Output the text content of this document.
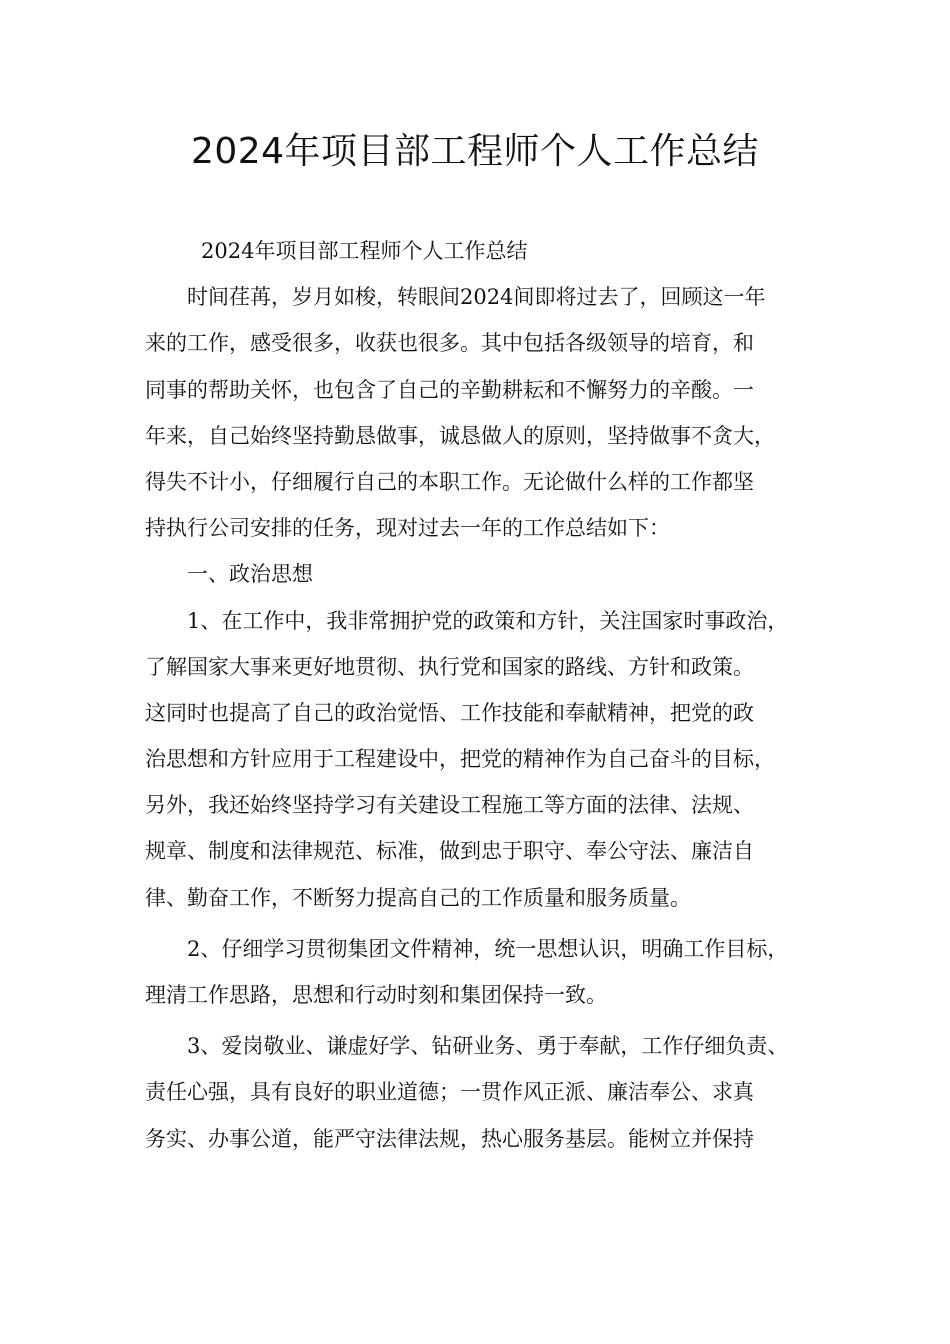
2024年项目部工程师个人工作总结
2024年项目部工程师个人工作总结
时间荏苒，岁月如梭，转眼间2024间即将过去了，回顾这一年
来的工作，感受很多，收获也很多。其中包括各级领导的培育，和
同事的帮助关怀，也包含了自己的辛勤耕耘和不懈努力的辛酸。一
年来，自己始终坚持勤恳做事，诚恳做人的原则，坚持做事不贪大，
得失不计小，仔细履行自己的本职工作。无论做什么样的工作都坚
持执行公司安排的任务，现对过去一年的工作总结如下：
一、政治思想
1、在工作中，我非常拥护党的政策和方针，关注国家时事政治，
了解国家大事来更好地贯彻、执行党和国家的路线、方针和政策。
这同时也提高了自己的政治觉悟、工作技能和奉献精神，把党的政
治思想和方针应用于工程建设中，把党的精神作为自己奋斗的目标，
另外，我还始终坚持学习有关建设工程施工等方面的法律、法规、
规章、制度和法律规范、标准，做到忠于职守、奉公守法、廉洁自
律、勤奋工作，不断努力提高自己的工作质量和服务质量。
2、仔细学习贯彻集团文件精神，统一思想认识，明确工作目标，
理清工作思路，思想和行动时刻和集团保持一致。
3、爱岗敬业、谦虚好学、钻研业务、勇于奉献，工作仔细负责、
责任心强，具有良好的职业道德；一贯作风正派、廉洁奉公、求真
务实、办事公道，能严守法律法规，热心服务基层。能树立并保持
